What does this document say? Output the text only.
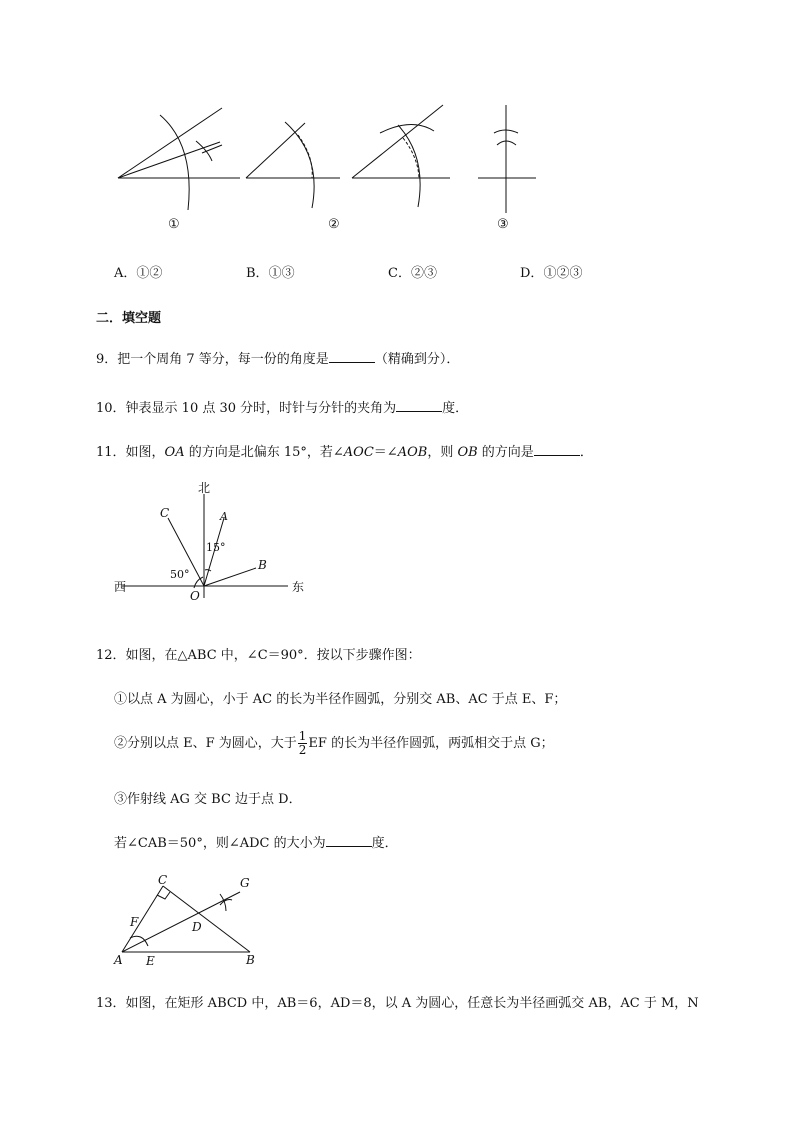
①	②	③
A．①②	B．①③	C．②③	D．①②③
二．填空题
9．把一个周角 7 等分，每一份的角度是	（精确到分）．
10．钟表显示 10 点 30 分时，时针与分针的夹角为	度．
11．如图，OA 的方向是北偏东 15°，若∠AOC＝∠AOB，则 OB 的方向是	．
北
西	东
O
C	A
B
15°
50°
12．如图，在△ABC 中，∠C＝90°．按以下步骤作图：
①以点 A 为圆心，小于 AC 的长为半径作圆弧，分别交 AB、AC 于点 E、F；
②分别以点 E、F 为圆心，大于 $\frac{1}{2}$ EF 的长为半径作圆弧，两弧相交于点 G；
③作射线 AG 交 BC 边于点 D．
若∠CAB＝50°，则∠ADC 的大小为	度．
A	B
C
D
E
F
G
13．如图，在矩形 ABCD 中，AB＝6，AD＝8，以 A 为圆心，任意长为半径画弧交 AB，AC 于 M，N
